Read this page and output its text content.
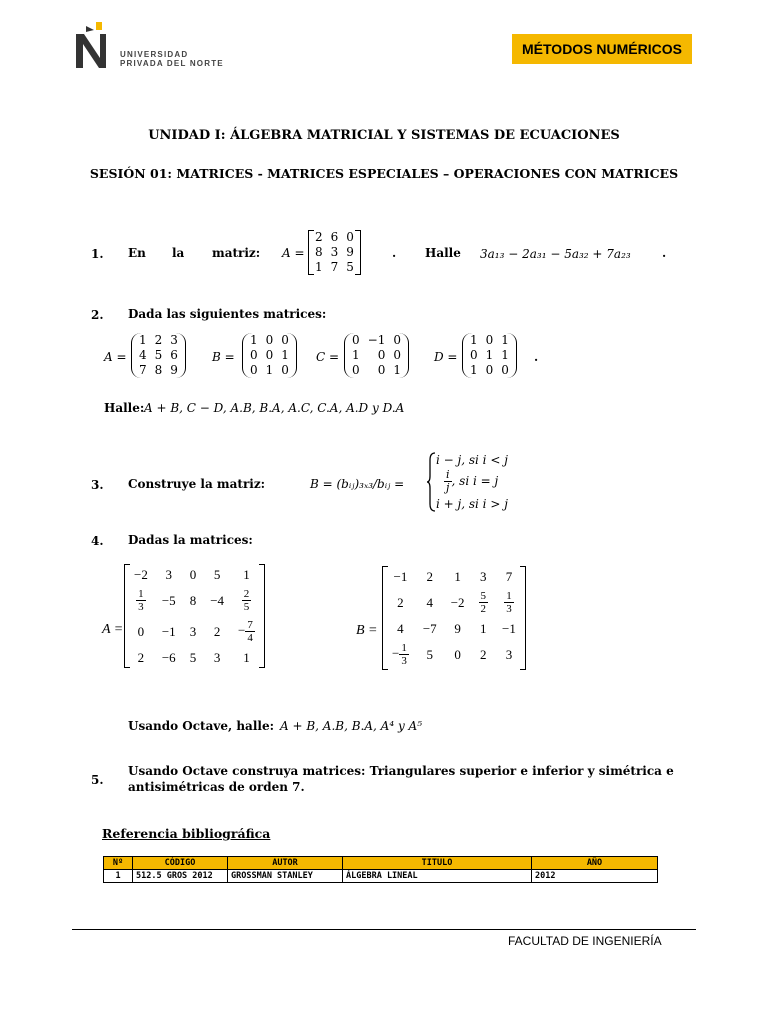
UNIVERSIDAD
PRIVADA DEL NORTE
MÉTODOS NUMÉRICOS
UNIDAD I: ÁLGEBRA MATRICIAL Y SISTEMAS DE ECUACIONES
SESIÓN 01: MATRICES - MATRICES ESPECIALES – OPERACIONES CON MATRICES
1. En la matriz: A =
2	6	0
8	3	9
1	7	5
. Halle 3a₁₃ − 2a₃₁ − 5a₃₂ + 7a₂₃	.
2. Dada las siguientes matrices:
A =
1	2	3
4	5	6
7	8	9
B =
1	0	0
0	0	1
0	1	0
C =
0	−1	0
1	0	0
0	0	1
D =
1	0	1
0	1	1
1	0	0
.
Halle: A + B, C − D, A.B, B.A, A.C, C.A, A.D y D.A
3. Construye la matriz:	B = (bᵢⱼ)₃ₓ₃/bᵢⱼ =
i − j, si i < j
$\frac{i}{j}$ , si i = j
i + j, si i > j
4. Dadas la matrices:
A =
−2	3	0	5	1

$\frac{1}{3}$	−5	8	−4	$\frac{2}{5}$

0	−1	3	2	− $\frac{7}{4}$

2	−6	5	3	1
B =
−1	2	1	3	7
2	4	−2	$\frac{5}{2}$	$\frac{1}{3}$

4	−7	9	1	−1
− $\frac{1}{3}$	5	0	2	3
Usando Octave, halle: A + B, A.B, B.A, A⁴ y A⁵
5.
Usando Octave construya matrices: Triangulares superior e inferior y simétrica e
antisimétricas de orden 7.
Referencia bibliográfica
Nº	CÓDIGO	AUTOR	TITULO	AÑO
1	512.5 GROS 2012	GROSSMAN STANLEY	ÁLGEBRA LINEAL	2012
FACULTAD DE INGENIERÍA
